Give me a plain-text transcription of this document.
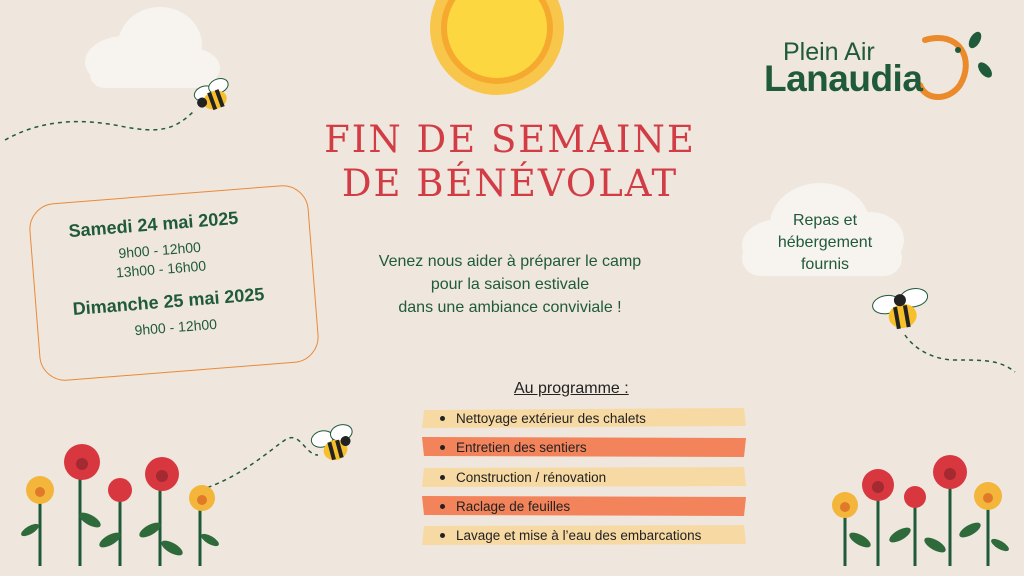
Plein Air
Lanaudia
FIN DE SEMAINE
DE BÉNÉVOLAT
Samedi 24 mai 2025
9h00 - 12h00
13h00 - 16h00
Dimanche 25 mai 2025
9h00 - 12h00
Venez nous aider à préparer le camp
pour la saison estivale
dans une ambiance conviviale !
Repas et
hébergement
fournis
Au programme :
Nettoyage extérieur des chalets
Entretien des sentiers
Construction / rénovation
Raclage de feuilles
Lavage et mise à l’eau des embarcations
